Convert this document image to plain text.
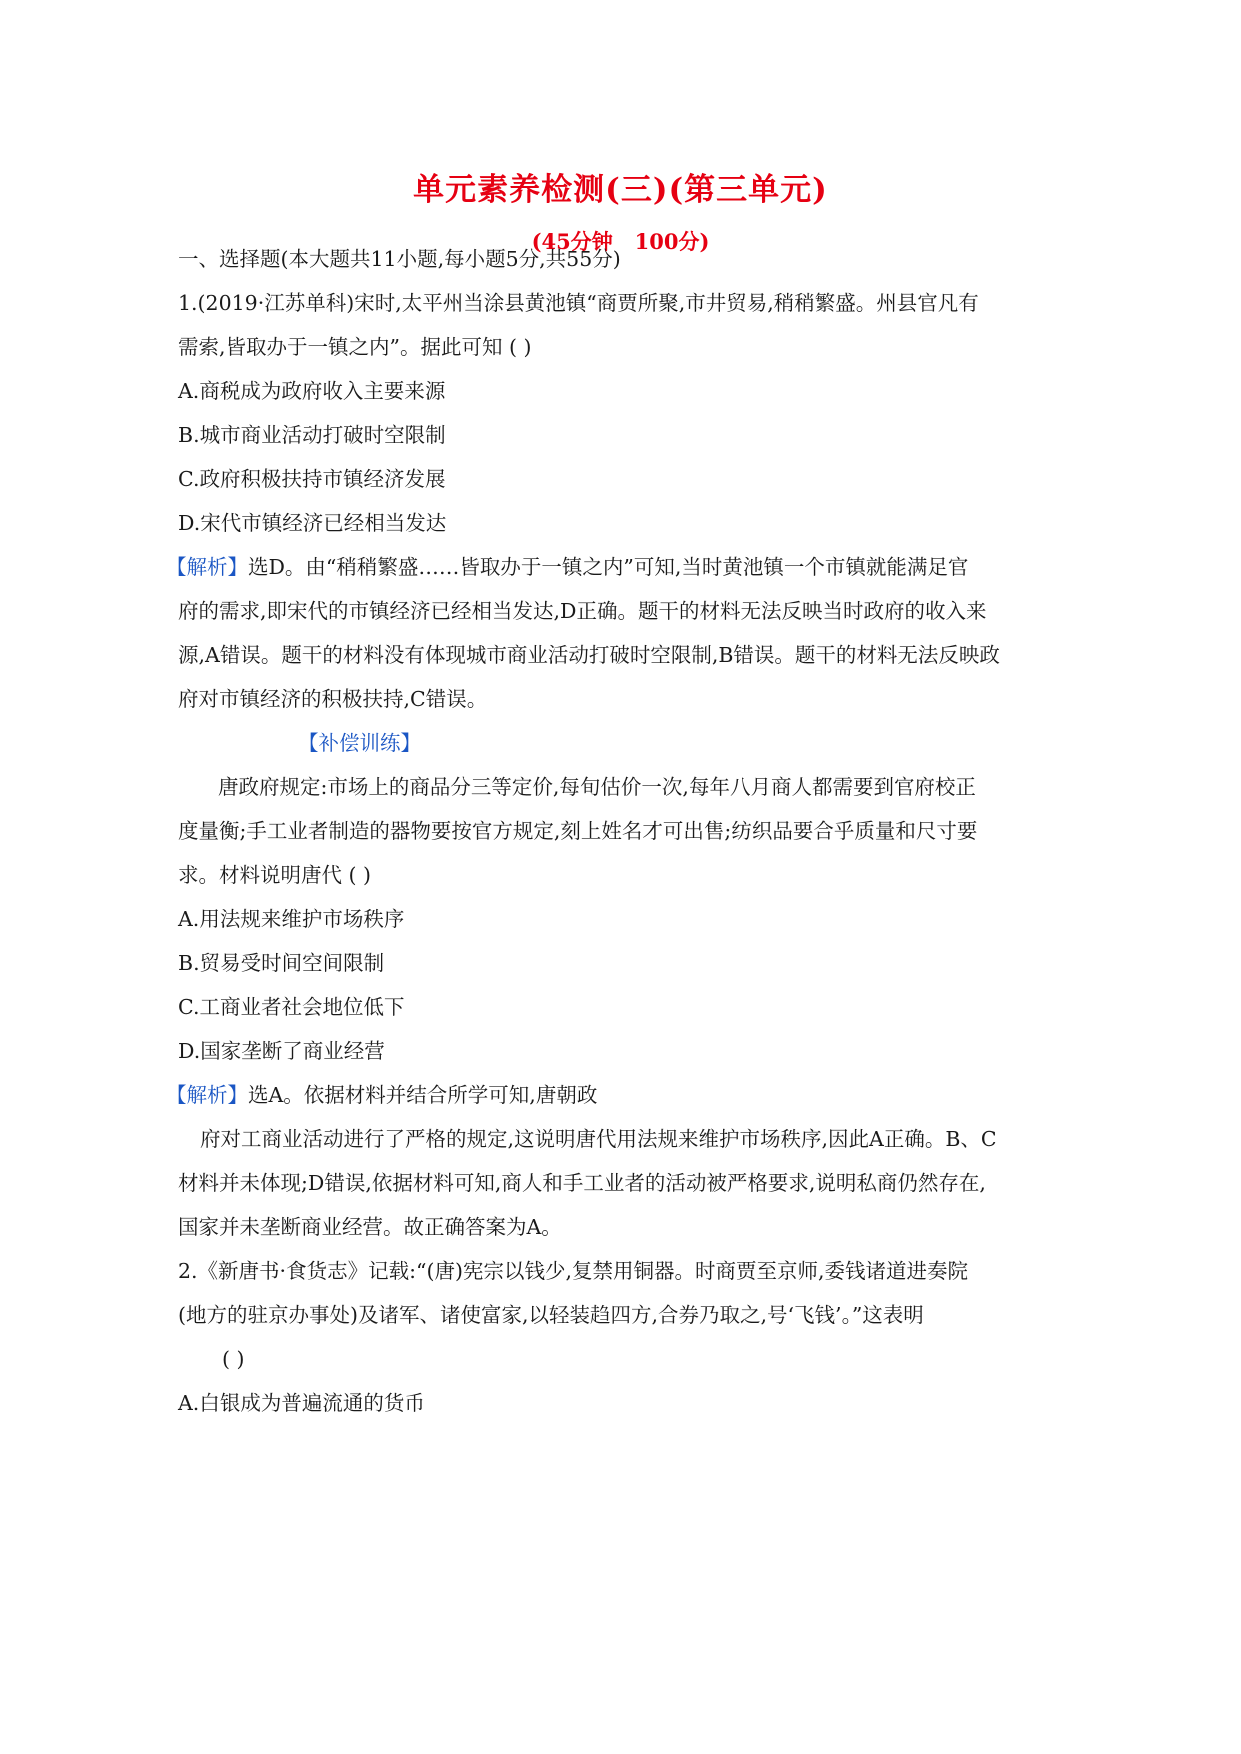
单元素养检测(三)(第三单元)
(45分钟   100分)
一、选择题(本大题共11小题,每小题5分,共55分)
1.(2019·江苏单科)宋时,太平州当涂县黄池镇“商贾所聚,市井贸易,稍稍繁盛。州县官凡有
需索,皆取办于一镇之内”。据此可知 ( )
A.商税成为政府收入主要来源
B.城市商业活动打破时空限制
C.政府积极扶持市镇经济发展
D.宋代市镇经济已经相当发达
【解析】选D。由“稍稍繁盛……皆取办于一镇之内”可知,当时黄池镇一个市镇就能满足官
府的需求,即宋代的市镇经济已经相当发达,D正确。题干的材料无法反映当时政府的收入来
源,A错误。题干的材料没有体现城市商业活动打破时空限制,B错误。题干的材料无法反映政
府对市镇经济的积极扶持,C错误。
【补偿训练】
唐政府规定:市场上的商品分三等定价,每旬估价一次,每年八月商人都需要到官府校正
度量衡;手工业者制造的器物要按官方规定,刻上姓名才可出售;纺织品要合乎质量和尺寸要
求。材料说明唐代 ( )
A.用法规来维护市场秩序
B.贸易受时间空间限制
C.工商业者社会地位低下
D.国家垄断了商业经营
【解析】选A。依据材料并结合所学可知,唐朝政
府对工商业活动进行了严格的规定,这说明唐代用法规来维护市场秩序,因此A正确。B、C
材料并未体现;D错误,依据材料可知,商人和手工业者的活动被严格要求,说明私商仍然存在,
国家并未垄断商业经营。故正确答案为A。
2.《新唐书·食货志》记载:“(唐)宪宗以钱少,复禁用铜器。时商贾至京师,委钱诸道进奏院
(地方的驻京办事处)及诸军、诸使富家,以轻装趋四方,合券乃取之,号‘飞钱’。”这表明
( )
A.白银成为普遍流通的货币
